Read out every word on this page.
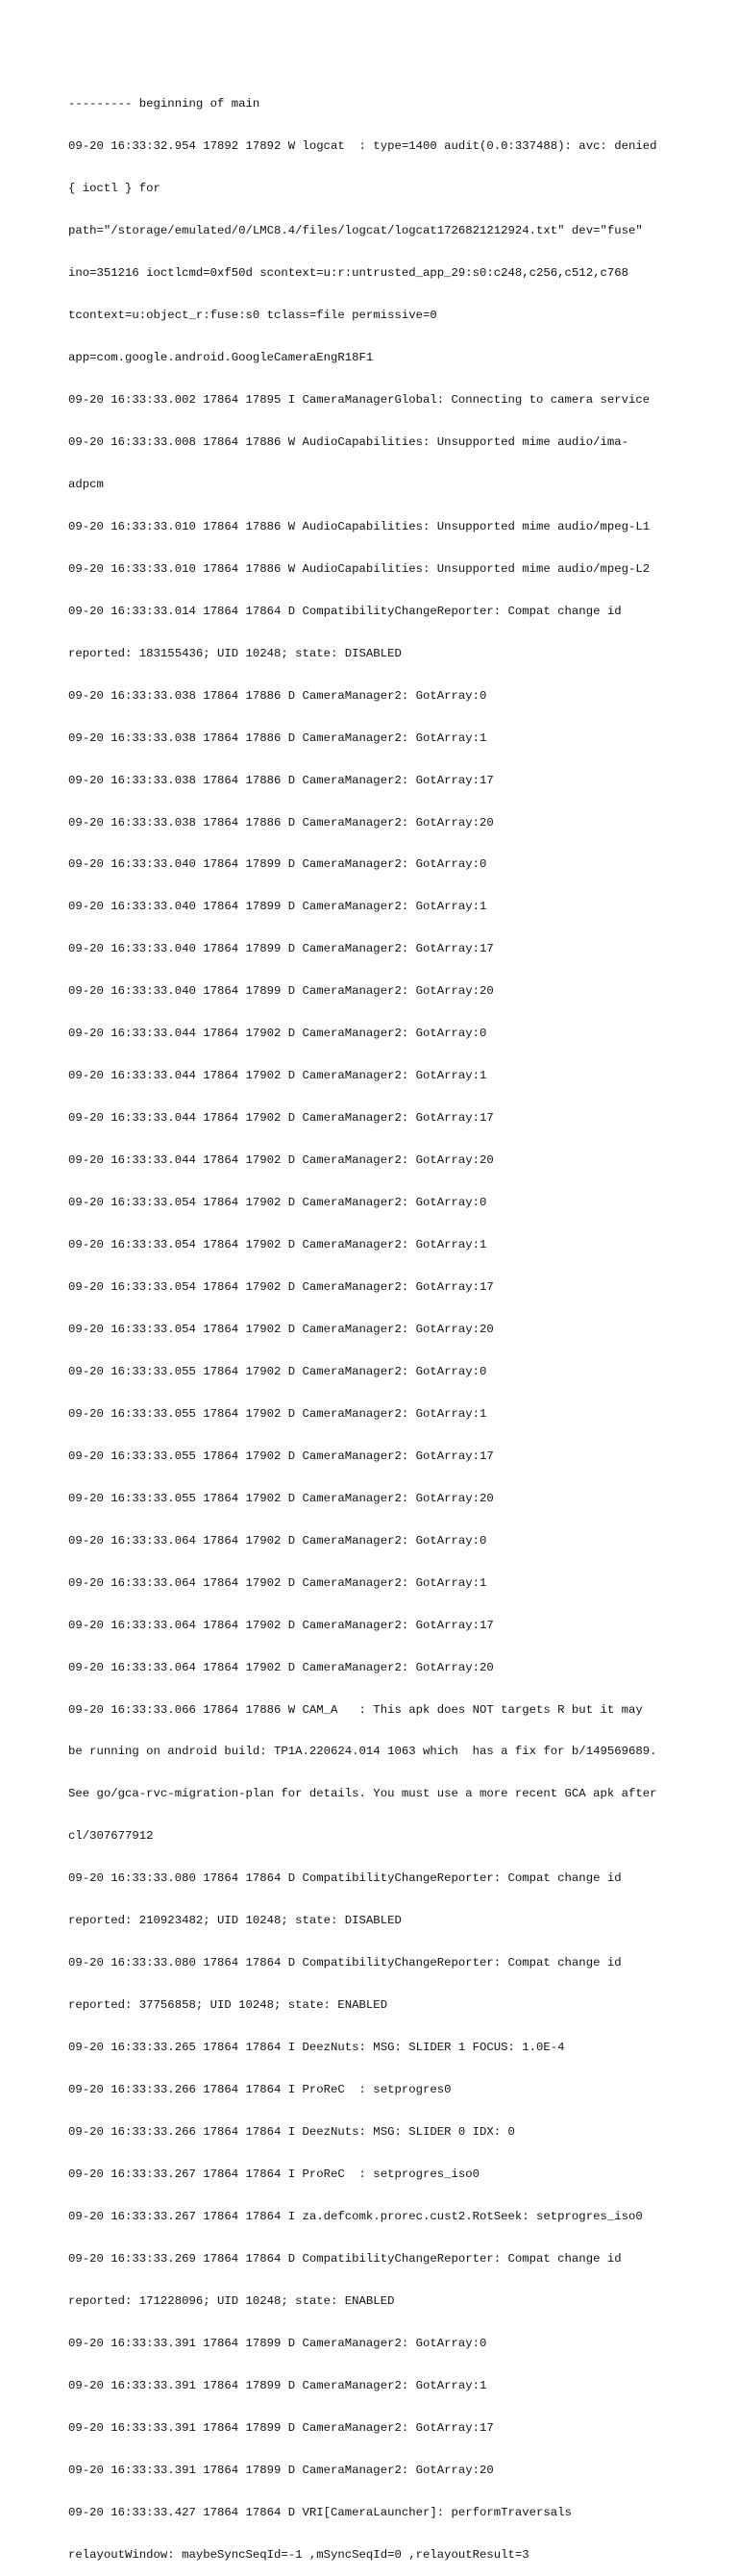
--------- beginning of main

09-20 16:33:32.954 17892 17892 W logcat  : type=1400 audit(0.0:337488): avc: denied

{ ioctl } for

path="/storage/emulated/0/LMC8.4/files/logcat/logcat1726821212924.txt" dev="fuse"

ino=351216 ioctlcmd=0xf50d scontext=u:r:untrusted_app_29:s0:c248,c256,c512,c768

tcontext=u:object_r:fuse:s0 tclass=file permissive=0

app=com.google.android.GoogleCameraEngR18F1

09-20 16:33:33.002 17864 17895 I CameraManagerGlobal: Connecting to camera service

09-20 16:33:33.008 17864 17886 W AudioCapabilities: Unsupported mime audio/ima-

adpcm

09-20 16:33:33.010 17864 17886 W AudioCapabilities: Unsupported mime audio/mpeg-L1

09-20 16:33:33.010 17864 17886 W AudioCapabilities: Unsupported mime audio/mpeg-L2

09-20 16:33:33.014 17864 17864 D CompatibilityChangeReporter: Compat change id

reported: 183155436; UID 10248; state: DISABLED

09-20 16:33:33.038 17864 17886 D CameraManager2: GotArray:0

09-20 16:33:33.038 17864 17886 D CameraManager2: GotArray:1

09-20 16:33:33.038 17864 17886 D CameraManager2: GotArray:17

09-20 16:33:33.038 17864 17886 D CameraManager2: GotArray:20

09-20 16:33:33.040 17864 17899 D CameraManager2: GotArray:0

09-20 16:33:33.040 17864 17899 D CameraManager2: GotArray:1

09-20 16:33:33.040 17864 17899 D CameraManager2: GotArray:17

09-20 16:33:33.040 17864 17899 D CameraManager2: GotArray:20

09-20 16:33:33.044 17864 17902 D CameraManager2: GotArray:0

09-20 16:33:33.044 17864 17902 D CameraManager2: GotArray:1

09-20 16:33:33.044 17864 17902 D CameraManager2: GotArray:17

09-20 16:33:33.044 17864 17902 D CameraManager2: GotArray:20

09-20 16:33:33.054 17864 17902 D CameraManager2: GotArray:0

09-20 16:33:33.054 17864 17902 D CameraManager2: GotArray:1

09-20 16:33:33.054 17864 17902 D CameraManager2: GotArray:17

09-20 16:33:33.054 17864 17902 D CameraManager2: GotArray:20

09-20 16:33:33.055 17864 17902 D CameraManager2: GotArray:0

09-20 16:33:33.055 17864 17902 D CameraManager2: GotArray:1

09-20 16:33:33.055 17864 17902 D CameraManager2: GotArray:17

09-20 16:33:33.055 17864 17902 D CameraManager2: GotArray:20

09-20 16:33:33.064 17864 17902 D CameraManager2: GotArray:0

09-20 16:33:33.064 17864 17902 D CameraManager2: GotArray:1

09-20 16:33:33.064 17864 17902 D CameraManager2: GotArray:17

09-20 16:33:33.064 17864 17902 D CameraManager2: GotArray:20

09-20 16:33:33.066 17864 17886 W CAM_A   : This apk does NOT targets R but it may

be running on android build: TP1A.220624.014 1063 which  has a fix for b/149569689.

See go/gca-rvc-migration-plan for details. You must use a more recent GCA apk after

cl/307677912

09-20 16:33:33.080 17864 17864 D CompatibilityChangeReporter: Compat change id

reported: 210923482; UID 10248; state: DISABLED

09-20 16:33:33.080 17864 17864 D CompatibilityChangeReporter: Compat change id

reported: 37756858; UID 10248; state: ENABLED

09-20 16:33:33.265 17864 17864 I DeezNuts: MSG: SLIDER 1 FOCUS: 1.0E-4

09-20 16:33:33.266 17864 17864 I ProReC  : setprogres0

09-20 16:33:33.266 17864 17864 I DeezNuts: MSG: SLIDER 0 IDX: 0

09-20 16:33:33.267 17864 17864 I ProReC  : setprogres_iso0

09-20 16:33:33.267 17864 17864 I za.defcomk.prorec.cust2.RotSeek: setprogres_iso0

09-20 16:33:33.269 17864 17864 D CompatibilityChangeReporter: Compat change id

reported: 171228096; UID 10248; state: ENABLED

09-20 16:33:33.391 17864 17899 D CameraManager2: GotArray:0

09-20 16:33:33.391 17864 17899 D CameraManager2: GotArray:1

09-20 16:33:33.391 17864 17899 D CameraManager2: GotArray:17

09-20 16:33:33.391 17864 17899 D CameraManager2: GotArray:20

09-20 16:33:33.427 17864 17864 D VRI[CameraLauncher]: performTraversals

relayoutWindow: maybeSyncSeqId=-1 ,mSyncSeqId=0 ,relayoutResult=3
